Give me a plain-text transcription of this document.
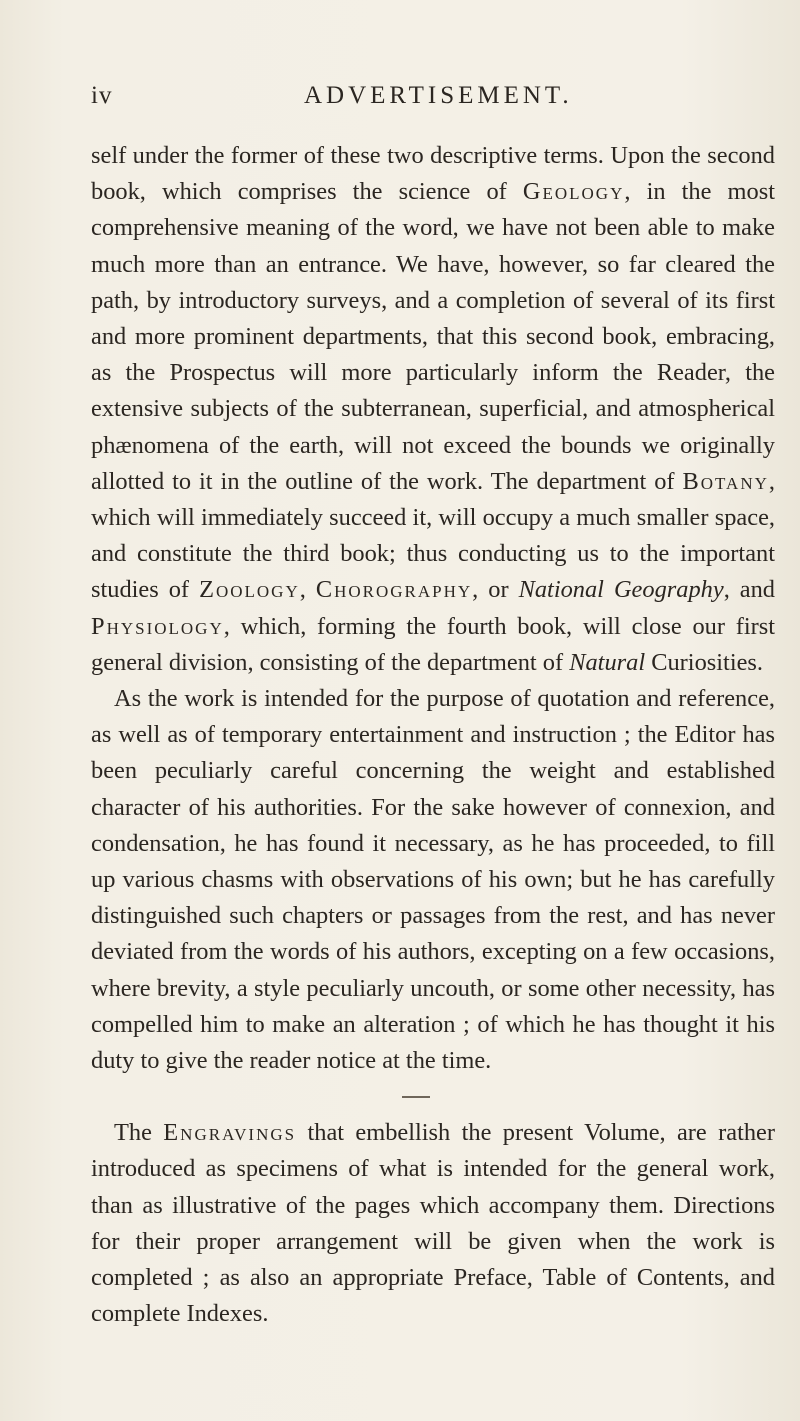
iv	ADVERTISEMENT.

self under the former of these two descriptive terms. Upon the second book, which comprises the science of Geology, in the most comprehensive meaning of the word, we have not been able to make much more than an entrance. We have, however, so far cleared the path, by introductory surveys, and a completion of several of its first and more prominent departments, that this second book, embracing, as the Prospectus will more particularly inform the Reader, the extensive subjects of the subterranean, superficial, and atmospherical phænomena of the earth, will not exceed the bounds we originally allotted to it in the outline of the work. The department of Botany, which will immediately succeed it, will occupy a much smaller space, and constitute the third book; thus conducting us to the important studies of Zoology, Chorography, or National Geography, and Physiology, which, forming the fourth book, will close our first general division, consisting of the department of Natural Curiosities.

As the work is intended for the purpose of quotation and reference, as well as of temporary entertainment and instruction ; the Editor has been peculiarly careful concerning the weight and established character of his authorities. For the sake however of connexion, and condensation, he has found it necessary, as he has proceeded, to fill up various chasms with observations of his own; but he has carefully distinguished such chapters or passages from the rest, and has never deviated from the words of his authors, excepting on a few occasions, where brevity, a style peculiarly uncouth, or some other necessity, has compelled him to make an alteration ; of which he has thought it his duty to give the reader notice at the time.

The Engravings that embellish the present Volume, are rather introduced as specimens of what is intended for the general work, than as illustrative of the pages which accompany them. Directions for their proper arrangement will be given when the work is completed ; as also an appropriate Preface, Table of Contents, and complete Indexes.
